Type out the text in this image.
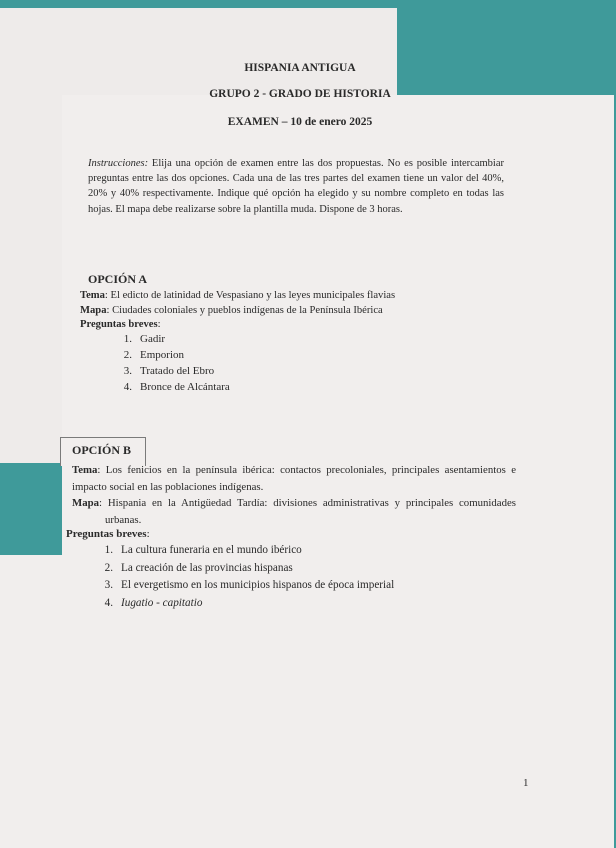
HISPANIA ANTIGUA
GRUPO 2 - GRADO DE HISTORIA
EXAMEN – 10 de enero 2025
Instrucciones: Elija una opción de examen entre las dos propuestas. No es posible intercambiar preguntas entre las dos opciones. Cada una de las tres partes del examen tiene un valor del 40%, 20% y 40% respectivamente. Indique qué opción ha elegido y su nombre completo en todas las hojas. El mapa debe realizarse sobre la plantilla muda. Dispone de 3 horas.
OPCIÓN A
Tema: El edicto de latinidad de Vespasiano y las leyes municipales flavias
Mapa: Ciudades coloniales y pueblos indígenas de la Península Ibérica
Preguntas breves:
1. Gadir
2. Emporion
3. Tratado del Ebro
4. Bronce de Alcántara
OPCIÓN B
Tema: Los fenicios en la península ibérica: contactos precoloniales, principales asentamientos e impacto social en las poblaciones indígenas.
Mapa: Hispania en la Antigüedad Tardía: divisiones administrativas y principales comunidades urbanas.
Preguntas breves:
1. La cultura funeraria en el mundo ibérico
2. La creación de las provincias hispanas
3. El evergetismo en los municipios hispanos de época imperial
4. Iugatio - capitatio
1
